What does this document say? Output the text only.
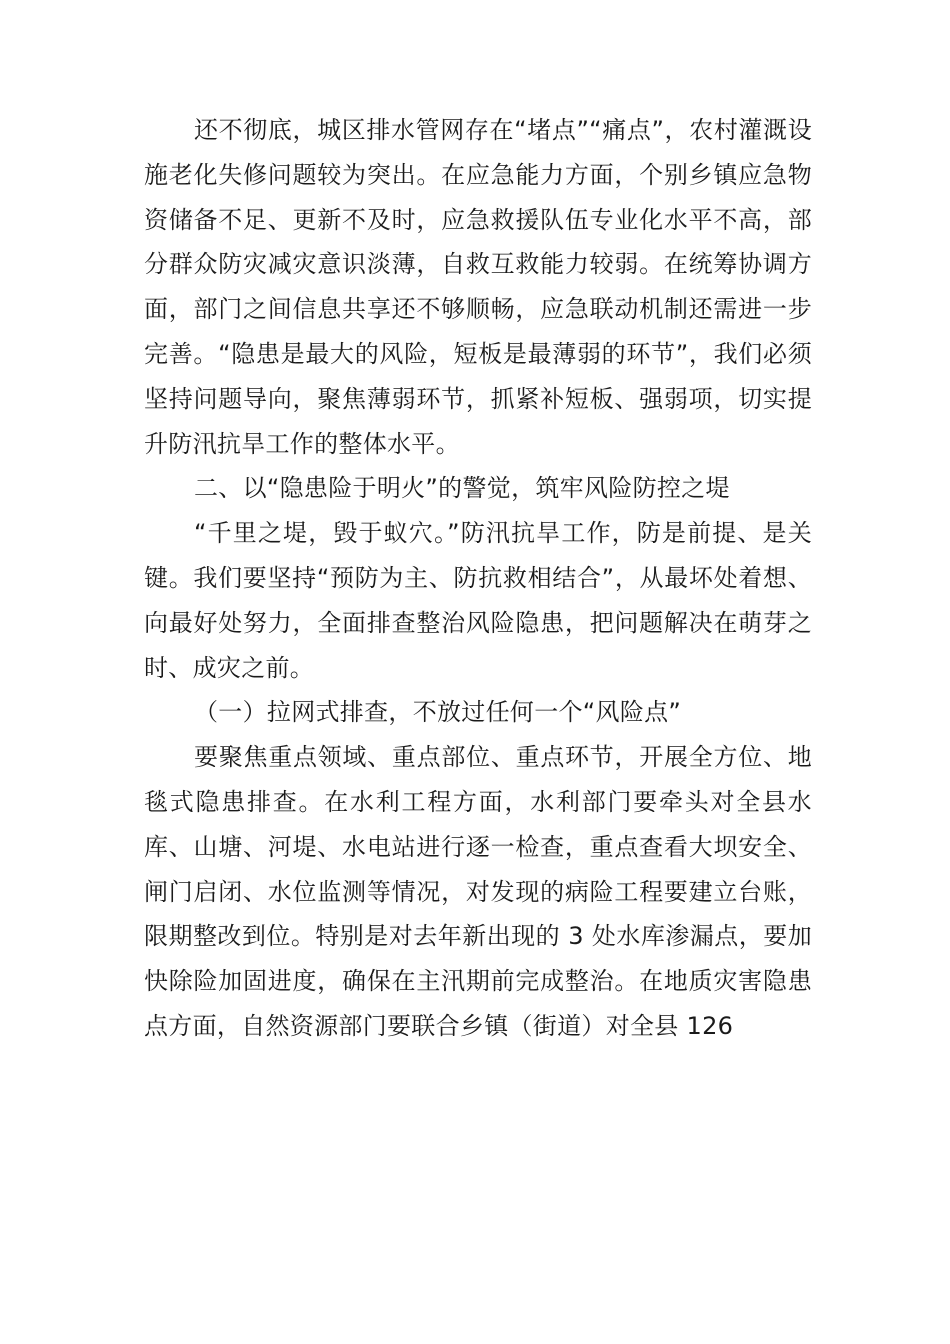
还不彻底，城区排水管网存在“堵点”“痛点”，农村灌溉设施老化失修问题较为突出。在应急能力方面，个别乡镇应急物资储备不足、更新不及时，应急救援队伍专业化水平不高，部分群众防灾减灾意识淡薄，自救互救能力较弱。在统筹协调方面，部门之间信息共享还不够顺畅，应急联动机制还需进一步完善。“隐患是最大的风险，短板是最薄弱的环节”，我们必须坚持问题导向，聚焦薄弱环节，抓紧补短板、强弱项，切实提升防汛抗旱工作的整体水平。

二、以“隐患险于明火”的警觉，筑牢风险防控之堤

“千里之堤，毁于蚁穴。”防汛抗旱工作，防是前提、是关键。我们要坚持“预防为主、防抗救相结合”，从最坏处着想、向最好处努力，全面排查整治风险隐患，把问题解决在萌芽之时、成灾之前。

（一）拉网式排查，不放过任何一个“风险点”

要聚焦重点领域、重点部位、重点环节，开展全方位、地毯式隐患排查。在水利工程方面，水利部门要牵头对全县水库、山塘、河堤、水电站进行逐一检查，重点查看大坝安全、闸门启闭、水位监测等情况，对发现的病险工程要建立台账，限期整改到位。特别是对去年新出现的 3 处水库渗漏点，要加快除险加固进度，确保在主汛期前完成整治。在地质灾害隐患点方面，自然资源部门要联合乡镇（街道）对全县 126
